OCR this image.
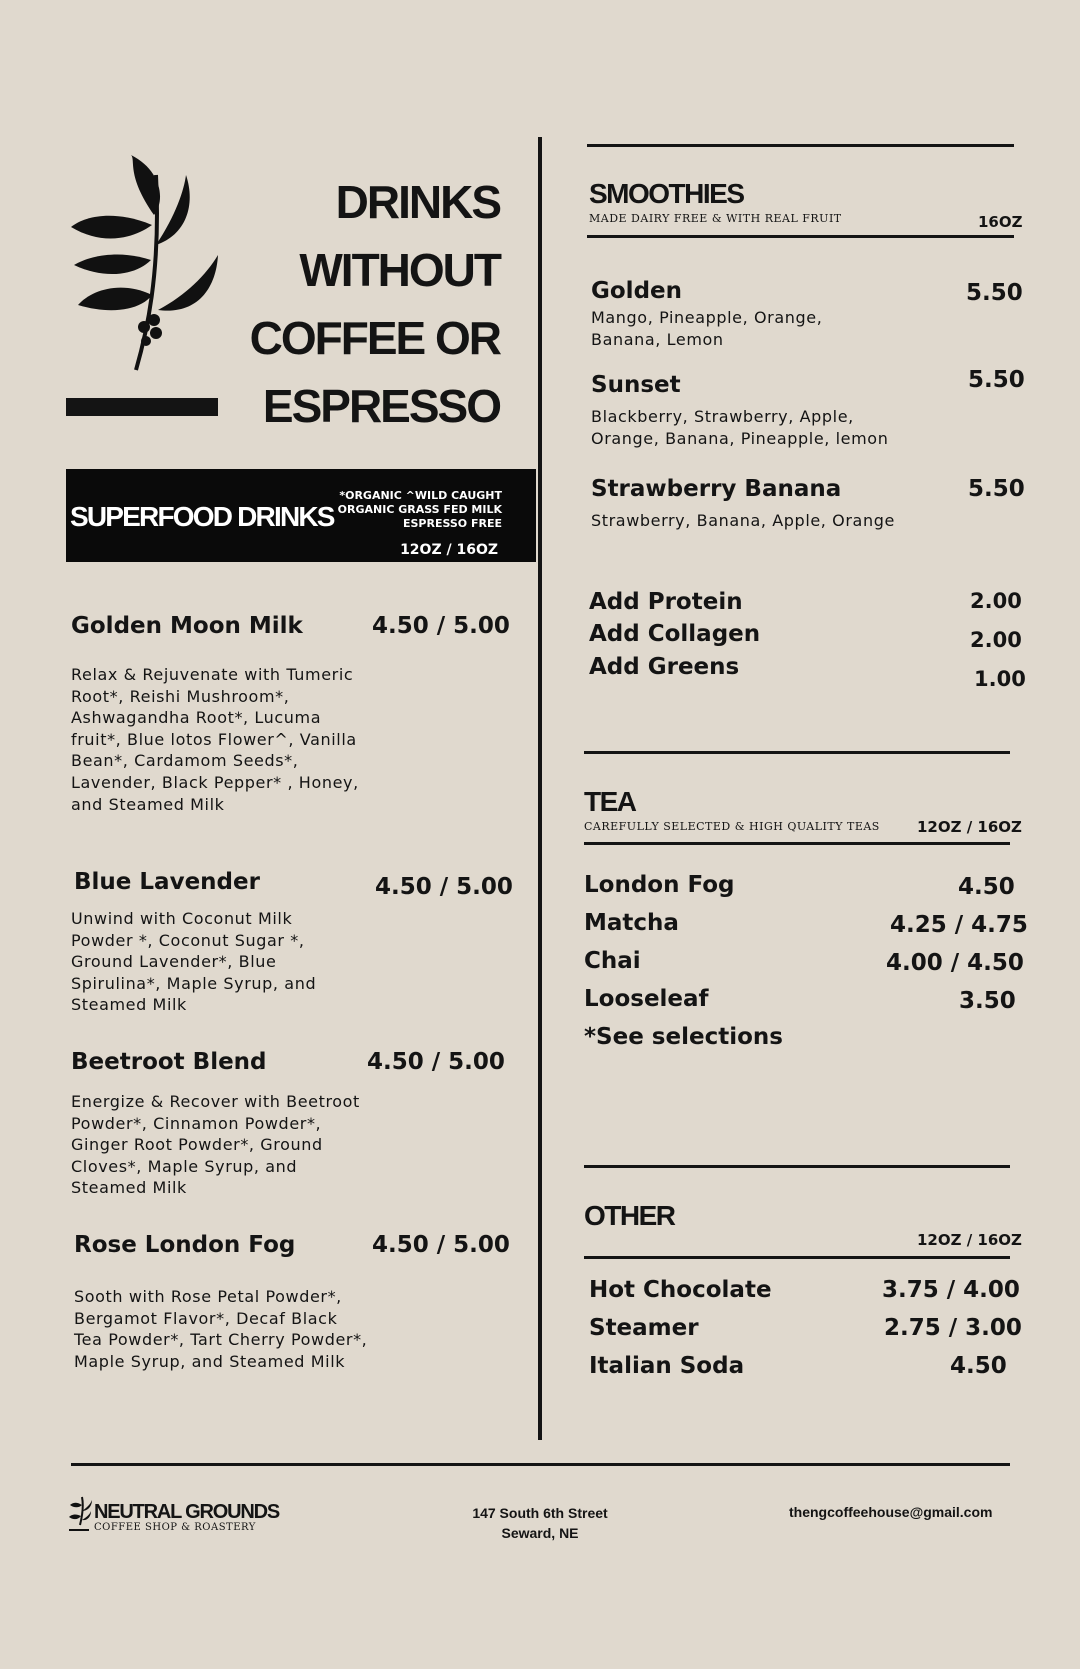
DRINKS
WITHOUT
COFFEE OR
ESPRESSO
SUPERFOOD DRINKS
*ORGANIC ^WILD CAUGHT
ORGANIC GRASS FED MILK
ESPRESSO FREE
12OZ / 16OZ
Golden Moon Milk	4.50 / 5.00
Relax & Rejuvenate with Tumeric Root*, Reishi Mushroom*, Ashwagandha Root*, Lucuma fruit*, Blue lotos Flower^, Vanilla Bean*, Cardamom Seeds*, Lavender, Black Pepper* , Honey, and Steamed Milk
Blue Lavender	4.50 / 5.00
Unwind with Coconut Milk Powder *, Coconut Sugar *, Ground Lavender*, Blue Spirulina*, Maple Syrup, and Steamed Milk
Beetroot Blend	4.50 / 5.00
Energize & Recover with Beetroot Powder*, Cinnamon Powder*, Ginger Root Powder*, Ground Cloves*, Maple Syrup, and Steamed Milk
Rose London Fog	4.50 / 5.00
Sooth with Rose Petal Powder*, Bergamot Flavor*, Decaf Black Tea Powder*, Tart Cherry Powder*, Maple Syrup, and Steamed Milk
SMOOTHIES
MADE DAIRY FREE & WITH REAL FRUIT	16OZ
Golden	5.50
Mango, Pineapple, Orange, Banana, Lemon
Sunset	5.50
Blackberry, Strawberry, Apple, Orange, Banana, Pineapple, lemon
Strawberry Banana	5.50
Strawberry, Banana, Apple, Orange
Add Protein	2.00
Add Collagen	2.00
Add Greens	1.00
TEA
CAREFULLY SELECTED & HIGH QUALITY TEAS 12OZ / 16OZ
London Fog	4.50
Matcha	4.25 / 4.75
Chai	4.00 / 4.50
Looseleaf	3.50
*See selections
OTHER
12OZ / 16OZ
Hot Chocolate	3.75 / 4.00
Steamer	2.75 / 3.00
Italian Soda	4.50
NEUTRAL GROUNDS
COFFEE SHOP & ROASTERY
147 South 6th Street
Seward, NE
thengcoffeehouse@gmail.com
